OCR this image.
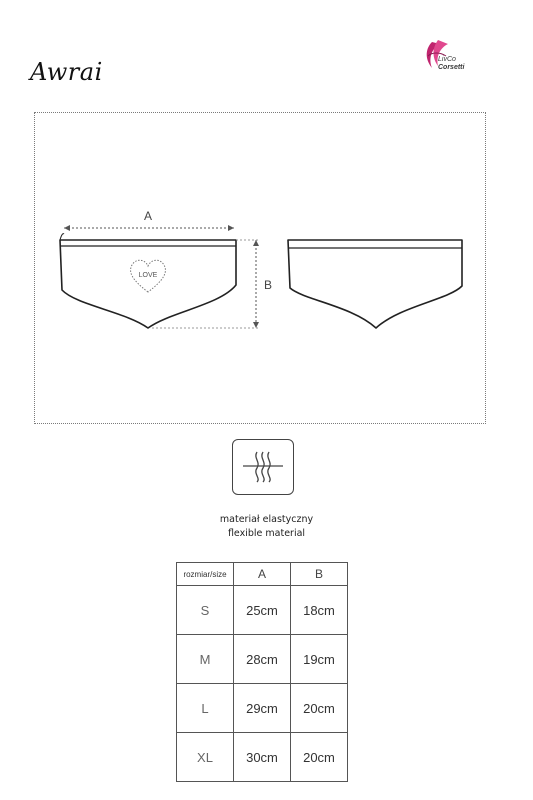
Awrai	LivCo
Corsetti
A
LOVE
B
materiał elastyczny
flexible material
rozmiar/size	A	B
S	25cm	18cm
M	28cm	19cm
L	29cm	20cm
XL	30cm	20cm
